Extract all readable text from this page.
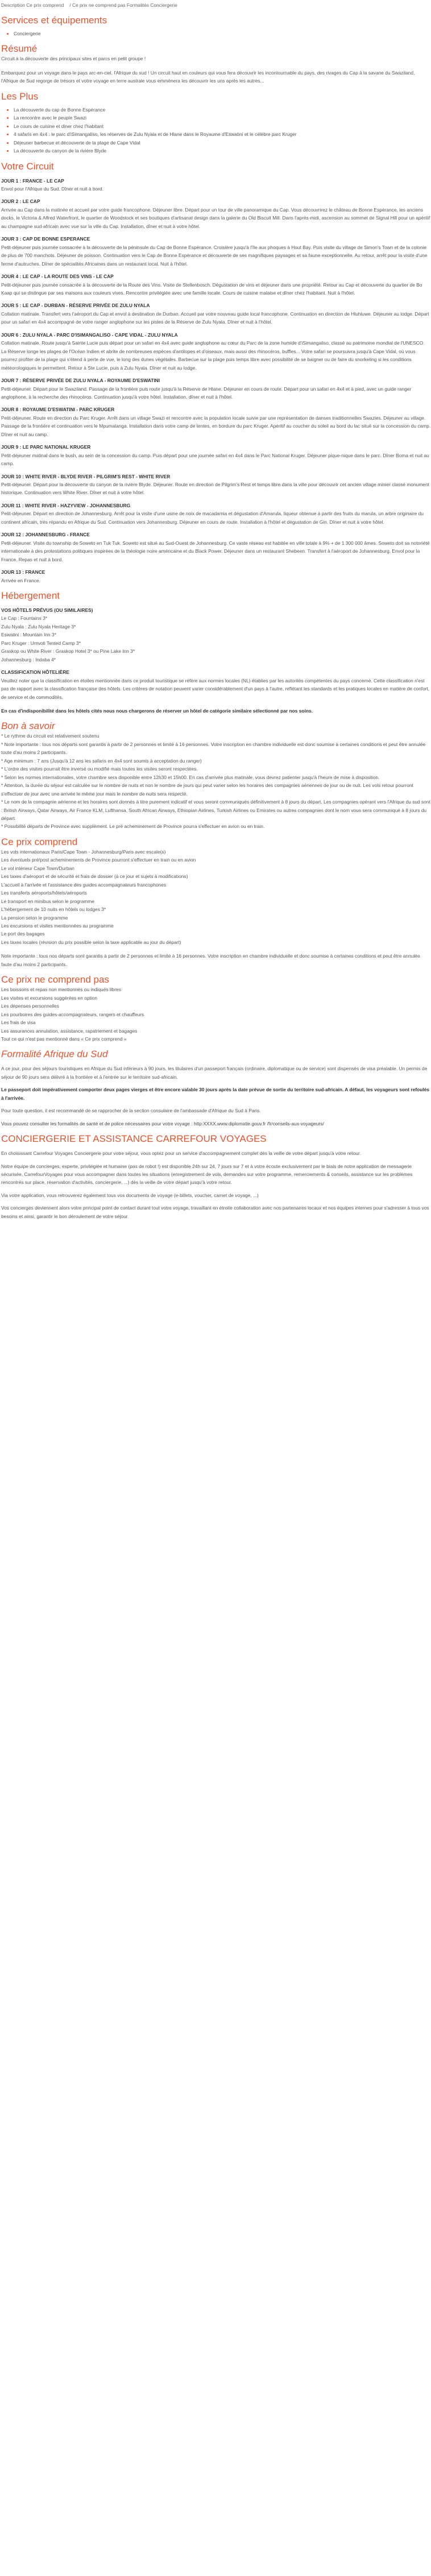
Description Ce prix comprend / Ce prix ne comprend pas Formalités Conciergerie
Services et équipements
• Conciergerie
Résumé

Circuit à la découverte des principaux sites et parcs en petit groupe !

Embarquez pour un voyage dans le pays arc-en-ciel, l'Afrique du sud ! Un circuit haut en couleurs qui vous fera découvrir les incontournable du pays, des rivages du Cap à la savane du Swaziland, l'Afrique de Sud regorge de trésors et votre voyage en terre australe vous emmènera les découvrir les uns après les autres...

Les Plus
• La découverte du cap de Bonne Espérance
• La rencontre avec le peuple Swazi
• Le cours de cuisine et diner chez l'habitant
• 4 safaris en 4x4 : le parc d'iSimangaliso, les réserves de Zulu Nyala et de Hlane dans le Royaume d'Eswatini et le célèbre parc Kruger
• Déjeuner barbecue et découverte de la plage de Cape Vidal
• La découverte du canyon de la rivière Blyde
Votre Circuit
JOUR 1 : FRANCE - LE CAP
Envol pour l'Afrique du Sud. Dîner et nuit à bord.
JOUR 2 : LE CAP
Arrivée au Cap dans la matinée et accueil par votre guide francophone. Déjeuner libre. Départ pour un tour de ville panoramique du Cap. Vous découvrirez le château de Bonne Espérance, les anciens docks, le Victoria & Alfred Waterfront, le quartier de Woodstock et ses boutiques d'artisanat design dans la galerie du Old Biscuit Mill. Dans l'après-midi, ascension au sommet de Signal Hill pour un apéritif au champagne sud-africain avec vue sur la ville du Cap. Installation, dîner et nuit à votre hôtel.
JOUR 3 : CAP DE BONNE ESPERANCE
Petit-déjeuner puis journée consacrée à la découverte de la péninsule du Cap de Bonne Espérance. Croisière jusqu'à l'île aux phoques à Hout Bay. Puis visite du village de Simon's Town et de la colonie de plus de 700 manchots. Déjeuner de poisson. Continuation vers le Cap de Bonne Espérance et découverte de ses magnifiques paysages et sa faune exceptionnelle. Au retour, arrêt pour la visite d'une ferme d'autruches. Dîner de spécialités Africaines dans un restaurant local. Nuit à l'hôtel.
JOUR 4 : LE CAP - LA ROUTE DES VINS - LE CAP
Petit-déjeuner puis journée consacrée à la découverte de la Route des Vins. Visite de Stellenbosch. Dégustation de vins et déjeuner dans une propriété. Retour au Cap et découverte du quartier de Bo Kaap qui se distingue par ses maisons aux couleurs vives. Rencontre privilégiée avec une famille locale. Cours de cuisine malaise et dîner chez l'habitant. Nuit à l'hôtel.
JOUR 5 : LE CAP - DURBAN - RÉSERVE PRIVÉE DE ZULU NYALA
Collation matinale. Transfert vers l'aéroport du Cap et envol à destination de Durban. Accueil par votre nouveau guide local francophone. Continuation en direction de Hluhluwe. Déjeuner au lodge. Départ pour un safari en 4x4 accompagné de votre ranger anglophone sur les pistes de la Réserve de Zulu Nyala. Dîner et nuit à l'hôtel.
JOUR 6 : ZULU NYALA - PARC D'ISIMANGALISO - CAPE VIDAL - ZULU NYALA
Collation matinale. Route jusqu'à Sainte Lucie puis départ pour un safari en 4x4 avec guide anglophone au cœur du Parc de la zone humide d'iSimangaliso, classé au patrimoine mondial de l'UNESCO. La Réserve longe les plages de l'Océan Indien et abrite de nombreuses espèces d'antilopes et d'oiseaux, mais aussi des rhinocéros, buffles... Votre safari se poursuivra jusqu'à Cape Vidal, où vous pourrez profiter de la plage qui s'étend à perte de vue, le long des dunes végétales. Barbecue sur la plage puis temps libre avec possibilité de se baigner ou de faire du snorkeling si les conditions météorologiques le permettent. Retour à Ste Lucie, puis à Zulu Nyala. Dîner et nuit au lodge.
JOUR 7 : RÉSERVE PRIVÉE DE ZULU NYALA - ROYAUME D'ESWATINI
Petit-déjeuner. Départ pour le Swaziland. Passage de la frontière puis route jusqu'à la Réserve de Hlane. Déjeuner en cours de route. Départ pour un safari en 4x4 et à pied, avec un guide ranger anglophone, à la recherche des rhinocéros. Continuation jusqu'à votre hôtel. Installation, dîner et nuit à l'hôtel.
JOUR 8 : ROYAUME D'ESWATINI - PARC KRUGER
Petit-déjeuner. Route en direction du Parc Kruger. Arrêt dans un village Swazi et rencontre avec la population locale suivie par une représentation de danses traditionnelles Swazies. Déjeuner au village. Passage de la frontière et continuation vers le Mpumalanga. Installation dans votre camp de tentes, en bordure du parc Kruger. Apéritif au coucher du soleil au bord du lac situé sur la concession du camp. Dîner et nuit au camp.
JOUR 9 : LE PARC NATIONAL KRUGER
Petit-déjeuner matinal dans le bush, au sein de la concession du camp. Puis départ pour une journée safari en 4x4 dans le Parc National Kruger. Déjeuner pique-nique dans le parc. Dîner Boma et nuit au camp.
JOUR 10 : WHITE RIVER - BLYDE RIVER - PILGRIM'S REST - WHITE RIVER
Petit-déjeuner. Départ pour la découverte du canyon de la rivière Blyde. Déjeuner. Route en direction de Pilgrim's Rest et temps libre dans la ville pour découvrir cet ancien village minier classé monument historique. Continuation vers White River. Dîner et nuit à votre hôtel.
JOUR 11 : WHITE RIVER - HAZYVIEW - JOHANNESBURG
Petit-déjeuner. Départ en direction de Johannesburg. Arrêt pour la visite d'une usine de noix de macadamia et dégustation d'Amarula, liqueur obtenue à partir des fruits du marula, un arbre originaire du continent africain, très répandu en Afrique du Sud. Continuation vers Johannesburg. Déjeuner en cours de route. Installation à l'hôtel et dégustation de Gin. Dîner et nuit à votre hôtel.
JOUR 12 : JOHANNESBURG - FRANCE
Petit-déjeuner. Visite du township de Soweto en Tuk Tuk. Soweto est situé au Sud-Ouest de Johannesburg. Ce vaste réseau est habitée en ville totale à 9% + de 1 300 000 âmes. Soweto doit sa notoriété internationale à des protestations politiques inspirées de la théologie noire américaine et du Black Power. Déjeuner dans un restaurant Shebeen. Transfert à l'aéroport de Johannesburg. Envol pour la France. Repas et nuit à bord.
JOUR 13 : FRANCE
Arrivée en France.
Hébergement
VOS HÔTELS PRÉVUS (OU SIMILAIRES)
Le Cap : Fountains 3*
Zulu Nyala : Zulu Nyala Heritage 3*
Eswatini : Mountain Inn 3*
Parc Kruger : Umvoti Tented Camp 3*
Graskop ou White River : Graskop Hotel 3* ou Pine Lake Inn 3*
Johannesburg : Indaba 4*
CLASSIFICATION HÔTELIÈRE

Veuillez noter que la classification en étoiles mentionnée dans ce produit touristique se réfère aux normes locales (NL) établies par les autorités compétentes du pays concerné. Cette classification n'est pas de rapport avec la classification française des hôtels. Les critères de notation peuvent varier considérablement d'un pays à l'autre, reflétant les standards et les pratiques locales en matière de confort, de service et de commodités.

En cas d'indisponibilité dans les hôtels cités nous nous chargerons de réserver un hôtel de catégorie similaire sélectionné par nos soins.

Bon à savoir
* Le rythme du circuit est relativement soutenu
* Note importante : tous nos départs sont garantis à partir de 2 personnes et limité à 16 personnes. Votre inscription en chambre individuelle est donc soumise à certaines conditions et peut être annulée toute d'au moins 2 participants.
* Age minimum : 7 ans (Jusqu'à 12 ans les safaris en 4x4 sont soumis à acceptation du ranger)
* L'ordre des visites pourrait être inversé ou modifié mais toutes les visites seront respectées.
* Selon les normes internationales, votre chambre sera disponible entre 12h30 et 15h00. En cas d'arrivée plus matinale, vous devrez patienter jusqu'à l'heure de mise à disposition.
* Attention, la durée du séjour est calculée sur le nombre de nuits et non le nombre de jours qui peut varier selon les horaires des compagnies aériennes de jour ou de nuit. Les vols retour pourront s'effectuer de jour avec une arrivée le même jour mais le nombre de nuits sera respecté.
* Le nom de la compagnie aérienne et les horaires sont donnés à titre purement indicatif et vous seront communiqués définitivement à 8 jours du départ. Les compagnies opérant vers l'Afrique du sud sont : British Airways, Qatar Airways, Air France KLM, Lufthansa, South African Airways, Ethiopian Airlines, Turkish Airlines ou Emirates ou autres compagnies dont le nom vous sera communiqué à 8 jours du départ.
* Possibilité départs de Province avec supplément. Le pré acheminement de Province pourra s'effectuer en avion ou en train.
Ce prix comprend
Les vols internationaux Paris/Cape Town - Johannesburg/Paris avec escale(s)
Les éventuels pré/post acheminements de Province pourront s'effectuer en train ou en avion
Le vol intérieur Cape Town/Durban
Les taxes d'aéroport et de sécurité et frais de dossier (à ce jour et sujets à modifications)
L'accueil à l'arrivée et l'assistance des guides accompagnateurs francophones
Les transferts aéroports/hôtels/aéroports
Le transport en minibus selon le programme
L'hébergement de 10 nuits en hôtels ou lodges 3*
La pension selon le programme
Les excursions et visites mentionnées au programme
Le port des bagages
Les taxes locales (révision du prix possible selon la taxe applicable au jour du départ)

Note importante : tous nos départs sont garantis à partir de 2 personnes et limité à 16 personnes. Votre inscription en chambre individuelle et donc soumise à certaines conditions et peut être annulée faute d'au moins 2 participants.

Ce prix ne comprend pas
Les boissons et repas non mentionnés ou indiqués libres
Les visites et excursions suggérées en option
Les dépenses personnelles
Les pourboires des guides-accompagnateurs, rangers et chauffeurs
Les frais de visa
Les assurances annulation, assistance, rapatriement et bagages
Tout ce qui n'est pas mentionné dans « Ce prix comprend »
Formalité Afrique du Sud

A ce jour, pour des séjours touristiques en Afrique du Sud inférieurs à 90 jours, les titulaires d'un passeport français (ordinaire, diplomatique ou de service) sont dispensés de visa préalable. Un permis de séjour de 90 jours sera délivré à la frontière et à l'entrée sur le territoire sud-africain.

Le passeport doit impérativement comporter deux pages vierges et être encore valable 30 jours après la date prévue de sortie du territoire sud-africain. A défaut, les voyageurs sont refoulés à l'arrivée.

Pour toute question, il est recommandé de se rapprocher de la section consulaire de l'ambassade d'Afrique du Sud à Paris.

Vous pouvez consulter les formalités de santé et de police nécessaires pour votre voyage : http:XXXX.www.diplomatie.gouv.fr /fr/conseils-aux-voyageurs/

CONCIERGERIE ET ASSISTANCE CARREFOUR VOYAGES

En choisissant Carrefour Voyages Conciergerie pour votre séjour, vous optez pour un service d'accompagnement complet dès la veille de votre départ jusqu'à votre retour.

Notre équipe de concierges, experte, privilégiée et humaine (pas de robot !) est disponible 24h sur 24, 7 jours sur 7 et à votre écoute exclusivement par le biais de notre application de messagerie sécurisée, CarrefourVoyages pour vous accompagner dans toutes les situations (enregistrement de vols, demandes sur votre programme, remerciements & conseils, assistance sur les problèmes rencontrés sur place, réservation d'activités, conciergerie, ...) dès la veille de votre départ jusqu'à votre retour.

Via votre application, vous retrouverez également tous vos documents de voyage (e-billets, voucher, carnet de voyage, ...)

Vos concierges deviennent alors votre principal point de contact durant tout votre voyage, travaillant en étroite collaboration avec nos partenaires locaux et nos équipes internes pour s'adresser à tous vos besoins et ainsi, garantir le bon déroulement de votre séjour.
